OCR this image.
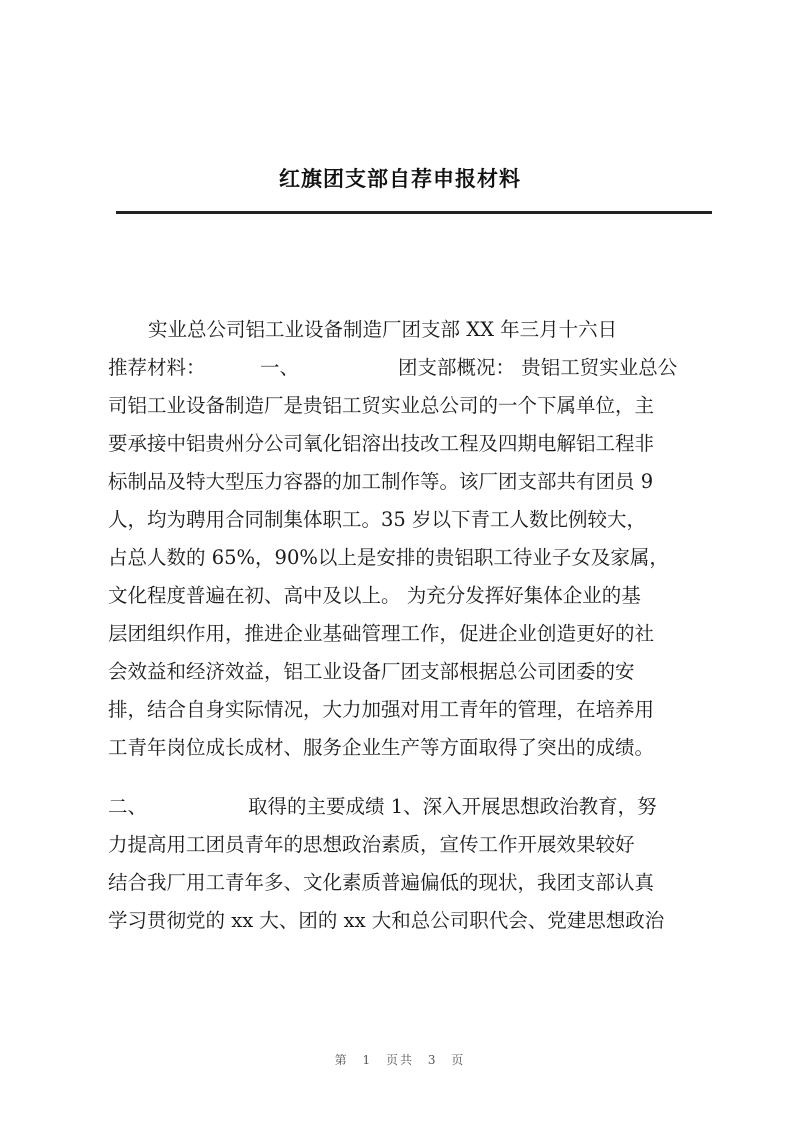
红旗团支部自荐申报材料
实业总公司铝工业设备制造厂团支部 XX 年三月十六日
推荐材料：	一、	团支部概况： 贵铝工贸实业总公
司铝工业设备制造厂是贵铝工贸实业总公司的一个下属单位，主
要承接中铝贵州分公司氧化铝溶出技改工程及四期电解铝工程非
标制品及特大型压力容器的加工制作等。该厂团支部共有团员 9
人，均为聘用合同制集体职工。35 岁以下青工人数比例较大，
占总人数的 65%，90%以上是安排的贵铝职工待业子女及家属，
文化程度普遍在初、高中及以上。 为充分发挥好集体企业的基
层团组织作用，推进企业基础管理工作，促进企业创造更好的社
会效益和经济效益，铝工业设备厂团支部根据总公司团委的安
排，结合自身实际情况，大力加强对用工青年的管理，在培养用
工青年岗位成长成材、服务企业生产等方面取得了突出的成绩。
二、	取得的主要成绩 1、深入开展思想政治教育，努
力提高用工团员青年的思想政治素质，宣传工作开展效果较好
结合我厂用工青年多、文化素质普遍偏低的现状，我团支部认真
学习贯彻党的 xx 大、团的 xx 大和总公司职代会、党建思想政治
第 1 页共 3 页
